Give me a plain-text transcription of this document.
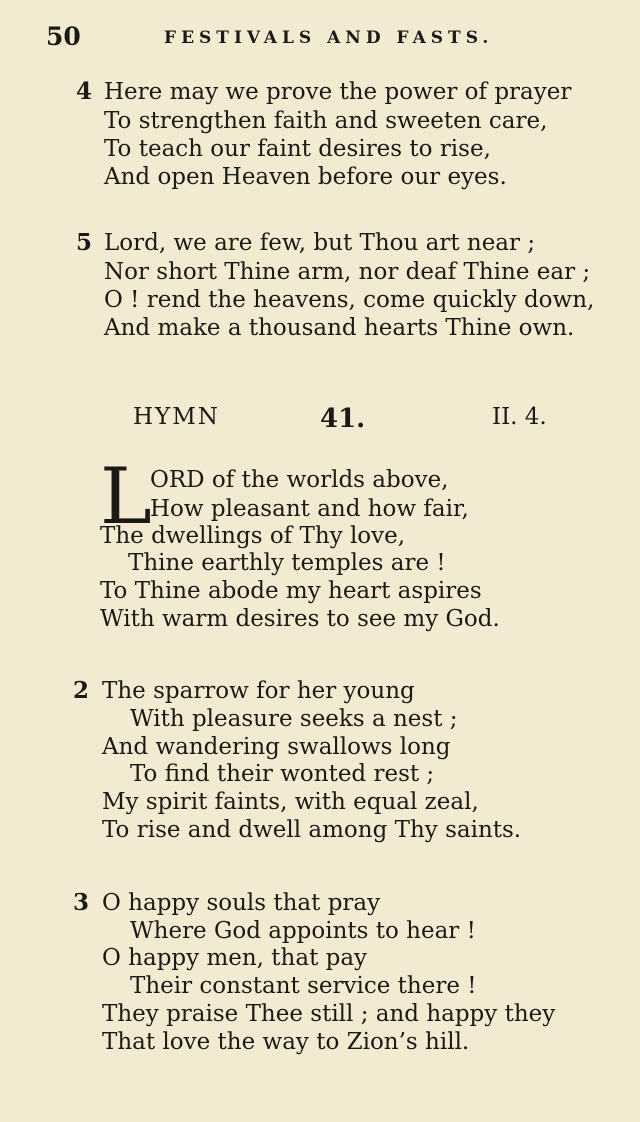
50	FESTIVALS AND FASTS.
4 Here may we prove the power of prayer
To strengthen faith and sweeten care,
To teach our faint desires to rise,
And open Heaven before our eyes.
5 Lord, we are few, but Thou art near ;
Nor short Thine arm, nor deaf Thine ear ;
O ! rend the heavens, come quickly down,
And make a thousand hearts Thine own.
HYMN	41.	II. 4.
L
ORD of the worlds above,
How pleasant and how fair,
The dwellings of Thy love,
Thine earthly temples are !
To Thine abode my heart aspires
With warm desires to see my God.
2 The sparrow for her young
With pleasure seeks a nest ;
And wandering swallows long
To find their wonted rest ;
My spirit faints, with equal zeal,
To rise and dwell among Thy saints.
3 O happy souls that pray
Where God appoints to hear !
O happy men, that pay
Their constant service there !
They praise Thee still ; and happy they
That love the way to Zion’s hill.
